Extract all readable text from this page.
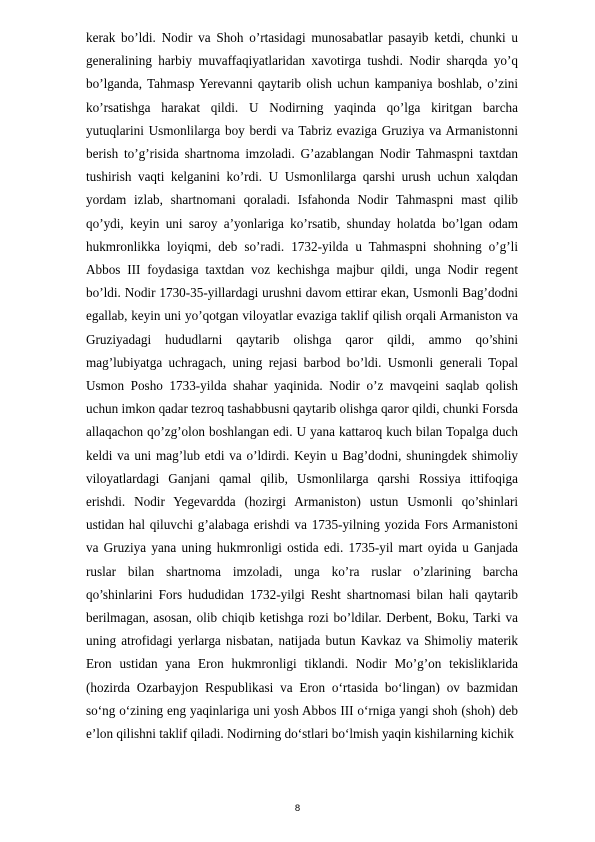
kerak bo’ldi. Nodir va Shoh o’rtasidagi munosabatlar pasayib ketdi, chunki u generalining harbiy muvaffaqiyatlaridan xavotirga tushdi. Nodir sharqda yo’q bo’lganda, Tahmasp Yerevanni qaytarib olish uchun kampaniya boshlab, o’zini ko’rsatishga harakat qildi. U Nodirning yaqinda qo’lga kiritgan barcha yutuqlarini Usmonlilarga boy berdi va Tabriz evaziga Gruziya va Armanistonni berish to’g’risida shartnoma imzoladi. G’azablangan Nodir Tahmaspni taxtdan tushirish vaqti kelganini ko’rdi. U Usmonlilarga qarshi urush uchun xalqdan yordam izlab, shartnomani qoraladi. Isfahonda Nodir Tahmaspni mast qilib qo’ydi, keyin uni saroy a’yonlariga ko’rsatib, shunday holatda bo’lgan odam hukmronlikka loyiqmi, deb so’radi. 1732-yilda u Tahmaspni shohning o’g’li Abbos III foydasiga taxtdan voz kechishga majbur qildi, unga Nodir regent bo’ldi. Nodir 1730-35-yillardagi urushni davom ettirar ekan, Usmonli Bag’dodni egallab, keyin uni yo’qotgan viloyatlar evaziga taklif qilish orqali Armaniston va Gruziyadagi hududlarni qaytarib olishga qaror qildi, ammo qo’shini mag’lubiyatga uchragach, uning rejasi barbod bo’ldi. Usmonli generali Topal Usmon Posho 1733-yilda shahar yaqinida. Nodir o’z mavqeini saqlab qolish uchun imkon qadar tezroq tashabbusni qaytarib olishga qaror qildi, chunki Forsda allaqachon qo’zg’olon boshlangan edi. U yana kattaroq kuch bilan Topalga duch keldi va uni mag’lub etdi va o’ldirdi. Keyin u Bag’dodni, shuningdek shimoliy viloyatlardagi Ganjani qamal qilib, Usmonlilarga qarshi Rossiya ittifoqiga erishdi. Nodir Yegevardda (hozirgi Armaniston) ustun Usmonli qo’shinlari ustidan hal qiluvchi g’alabaga erishdi va 1735-yilning yozida Fors Armanistoni va Gruziya yana uning hukmronligi ostida edi. 1735-yil mart oyida u Ganjada ruslar bilan shartnoma imzoladi, unga ko’ra ruslar o’zlarining barcha qo’shinlarini Fors hududidan 1732-yilgi Resht shartnomasi bilan hali qaytarib berilmagan, asosan, olib chiqib ketishga rozi bo’ldilar. Derbent, Boku, Tarki va uning atrofidagi yerlarga nisbatan, natijada butun Kavkaz va Shimoliy materik Eron ustidan yana Eron hukmronligi tiklandi. Nodir Moʼgʼon tekisliklarida (hozirda Ozarbayjon Respublikasi va Eron oʻrtasida boʻlingan) ov bazmidan soʻng oʻzining eng yaqinlariga uni yosh Abbos III oʻrniga yangi shoh (shoh) deb eʼlon qilishni taklif qiladi. Nodirning doʻstlari boʻlmish yaqin kishilarning kichik

8
